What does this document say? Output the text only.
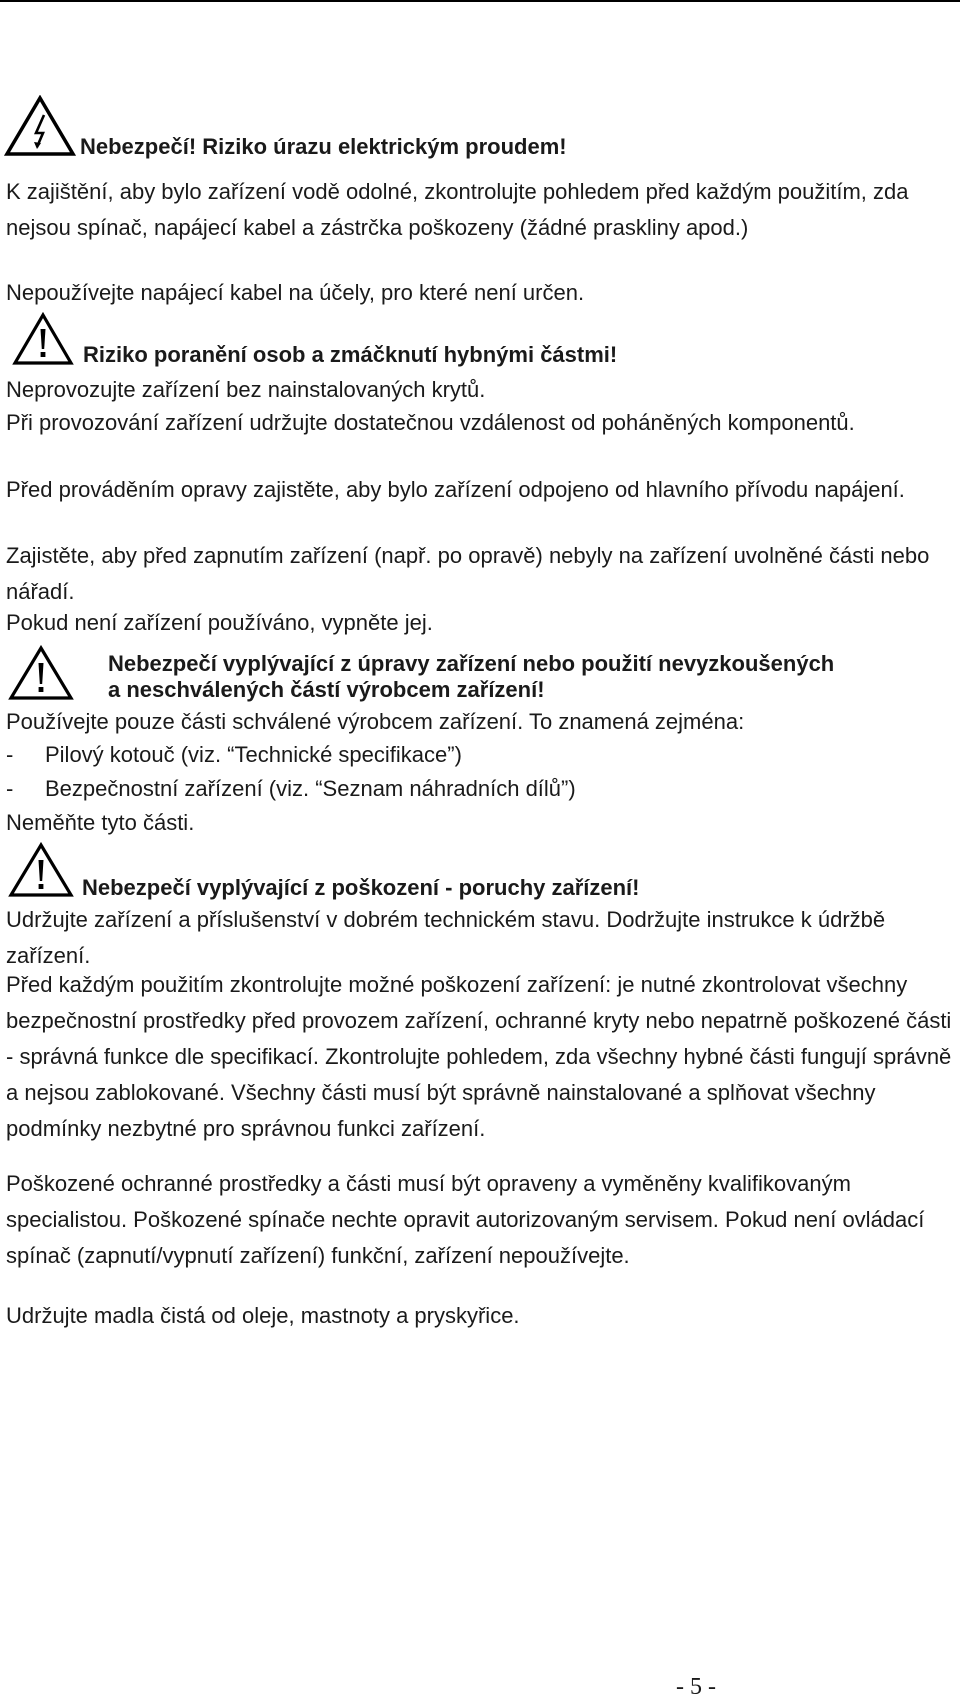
Nebezpečí! Riziko úrazu elektrickým proudem!

K zajištění, aby bylo zařízení vodě odolné, zkontrolujte pohledem před každým použitím, zda nejsou spínač, napájecí kabel a zástrčka poškozeny (žádné praskliny apod.)

Nepoužívejte napájecí kabel na účely, pro které není určen.

Riziko poranění osob a zmáčknutí hybnými částmi!

Neprovozujte zařízení bez nainstalovaných krytů.

Při provozování zařízení udržujte dostatečnou vzdálenost od poháněných komponentů.

Před prováděním opravy zajistěte, aby bylo zařízení odpojeno od hlavního přívodu napájení.

Zajistěte, aby před zapnutím zařízení (např. po opravě) nebyly na zařízení uvolněné části nebo nářadí.

Pokud není zařízení používáno, vypněte jej.

Nebezpečí vyplývající z úpravy zařízení nebo použití nevyzkoušených

a neschválených částí výrobcem zařízení!

Používejte pouze části schválené výrobcem zařízení. To znamená zejména:

- Pilový kotouč (viz. “Technické specifikace”)
- Bezpečnostní zařízení (viz. “Seznam náhradních dílů”)

Neměňte tyto části.

Nebezpečí vyplývající z poškození - poruchy zařízení!

Udržujte zařízení a příslušenství v dobrém technickém stavu. Dodržujte instrukce k údržbě zařízení.

Před každým použitím zkontrolujte možné poškození zařízení: je nutné zkontrolovat všechny bezpečnostní prostředky před provozem zařízení, ochranné kryty nebo nepatrně poškozené části - správná funkce dle specifikací. Zkontrolujte pohledem, zda všechny hybné části fungují správně a nejsou zablokované. Všechny části musí být správně nainstalované a splňovat všechny podmínky nezbytné pro správnou funkci zařízení.

Poškozené ochranné prostředky a části musí být opraveny a vyměněny kvalifikovaným specialistou. Poškozené spínače nechte opravit autorizovaným servisem. Pokud není ovládací spínač (zapnutí/vypnutí zařízení) funkční, zařízení nepoužívejte.

Udržujte madla čistá od oleje, mastnoty a pryskyřice.

- 5 -
